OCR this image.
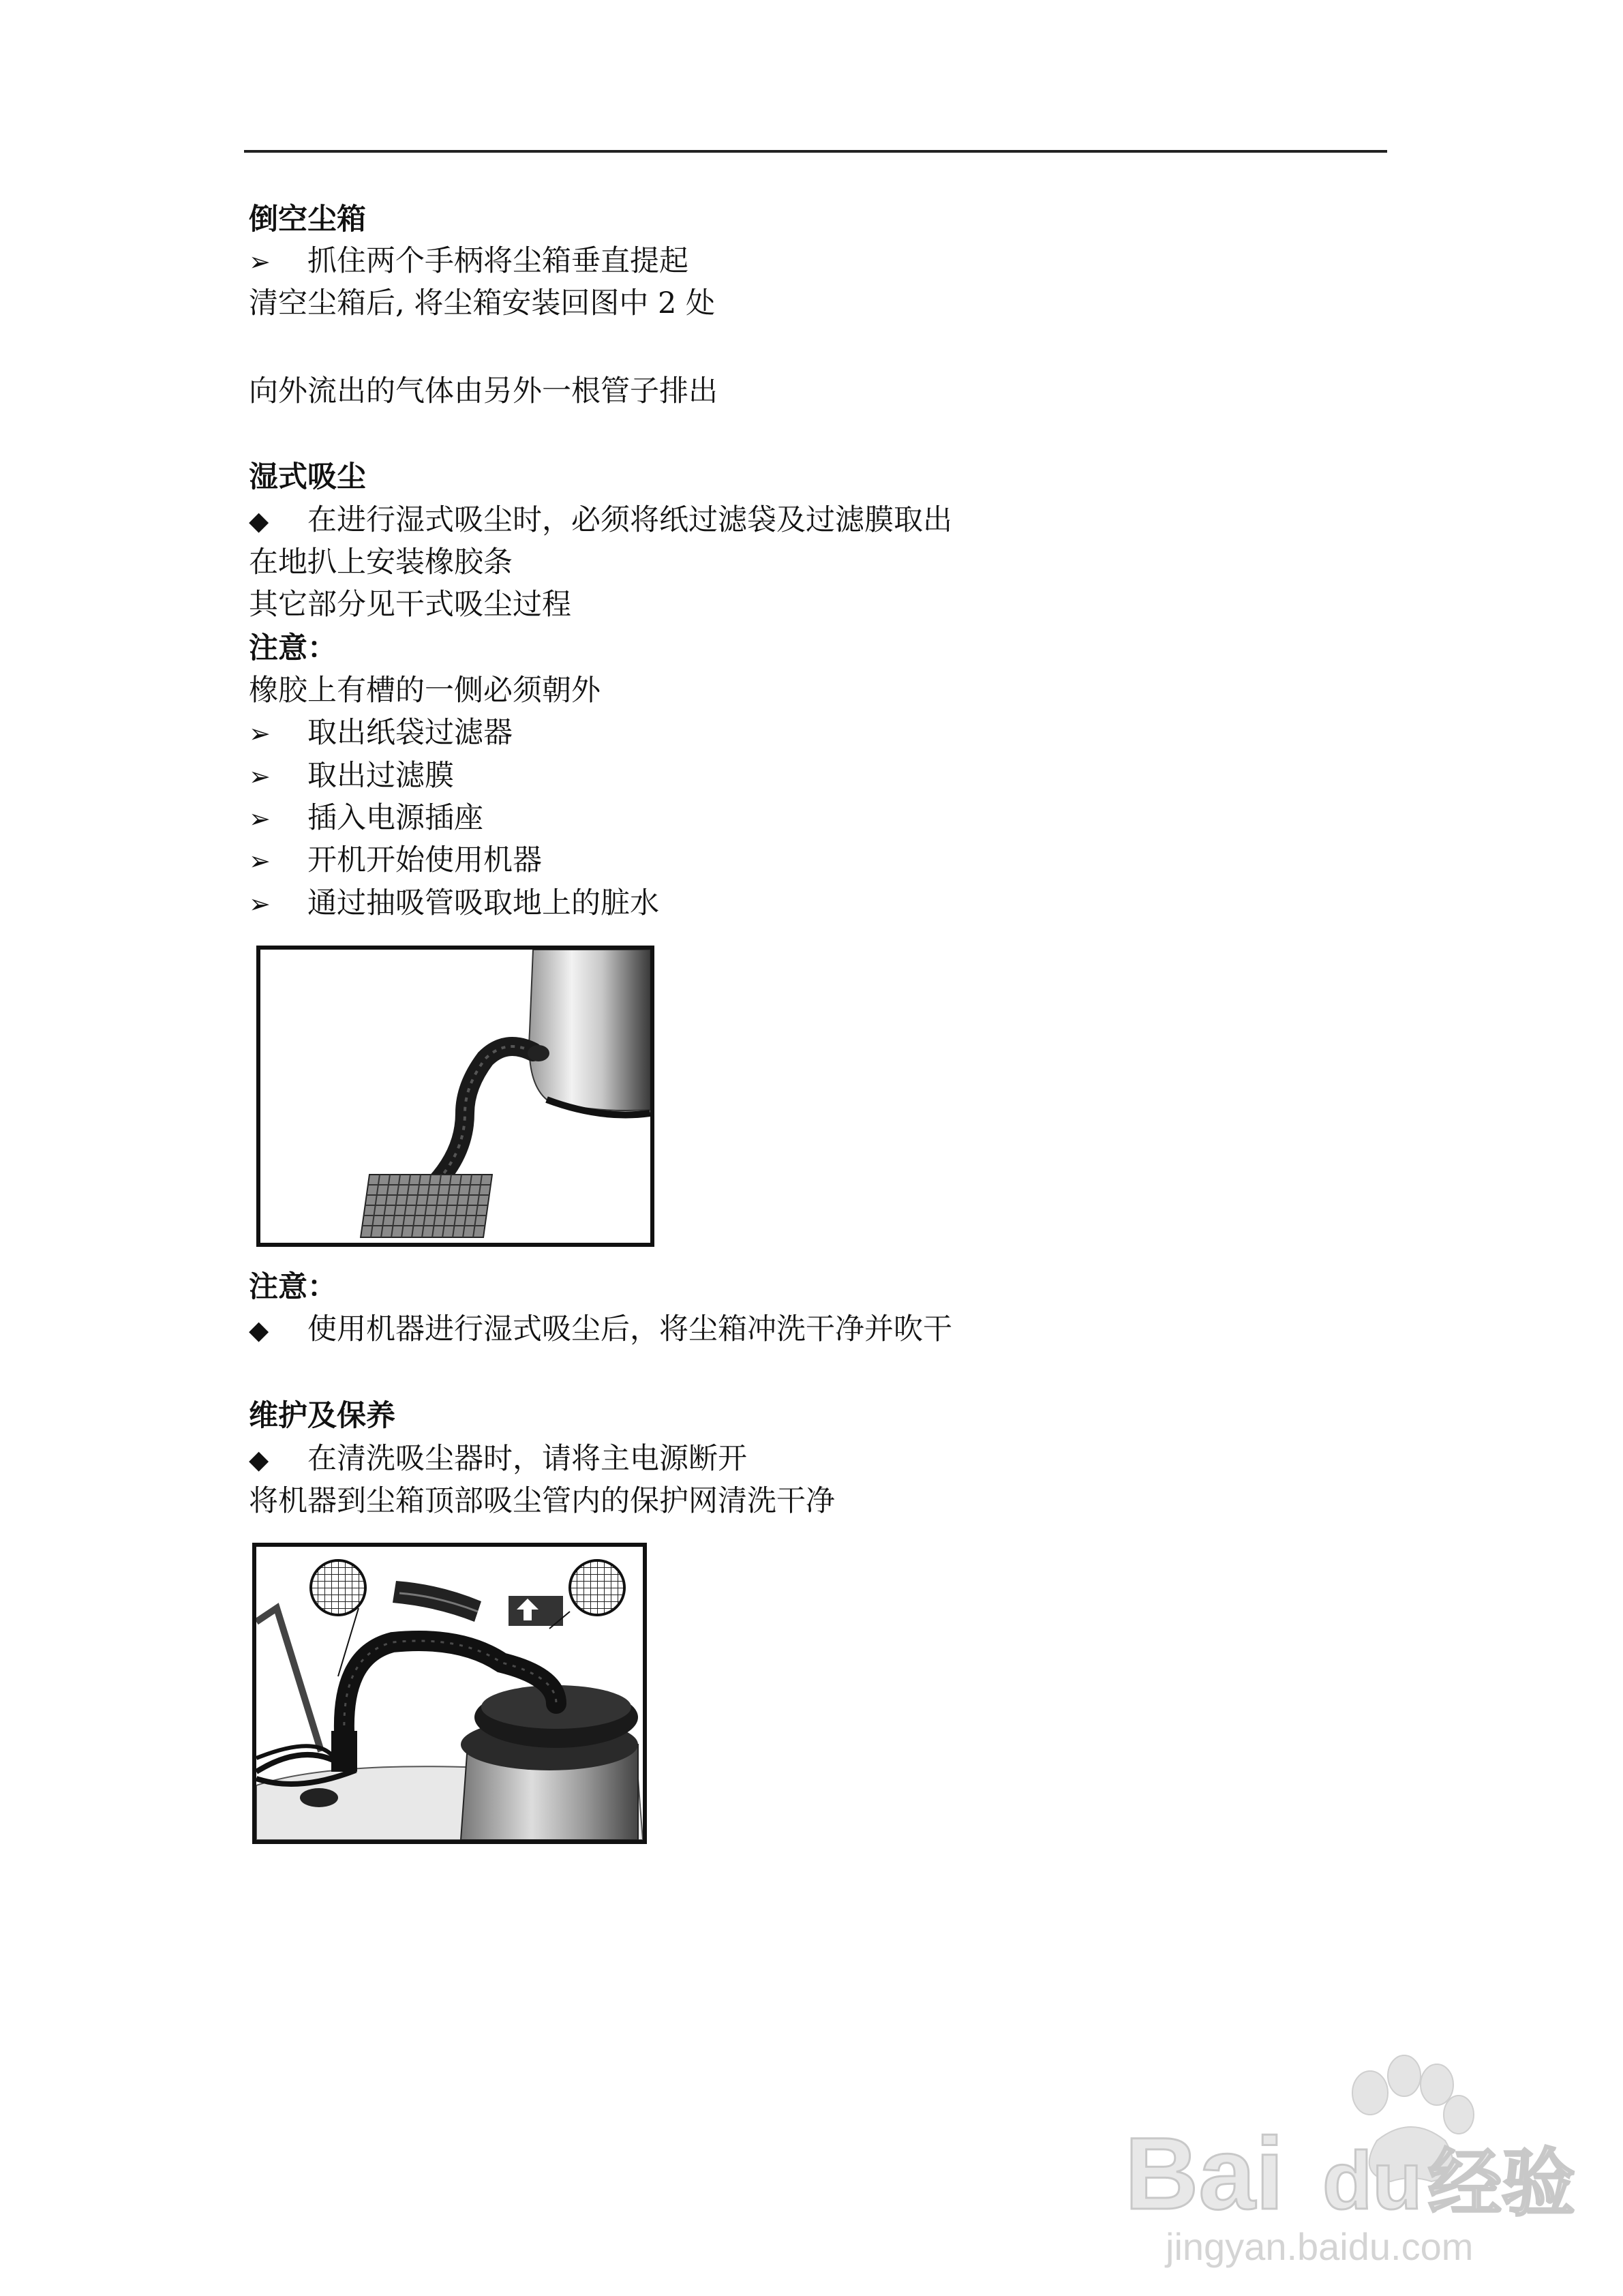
倒空尘箱
➢ 抓住两个手柄将尘箱垂直提起
清空尘箱后, 将尘箱安装回图中 2 处
向外流出的气体由另外一根管子排出
湿式吸尘
◆ 在进行湿式吸尘时，必须将纸过滤袋及过滤膜取出
在地扒上安装橡胶条
其它部分见干式吸尘过程
注意：
橡胶上有槽的一侧必须朝外
➢ 取出纸袋过滤器
➢ 取出过滤膜
➢ 插入电源插座
➢ 开机开始使用机器
➢ 通过抽吸管吸取地上的脏水
注意：
◆ 使用机器进行湿式吸尘后，将尘箱冲洗干净并吹干
维护及保养
◆ 在清洗吸尘器时，请将主电源断开
将机器到尘箱顶部吸尘管内的保护网清洗干净
Bai du 经验
jingyan.baidu.com
